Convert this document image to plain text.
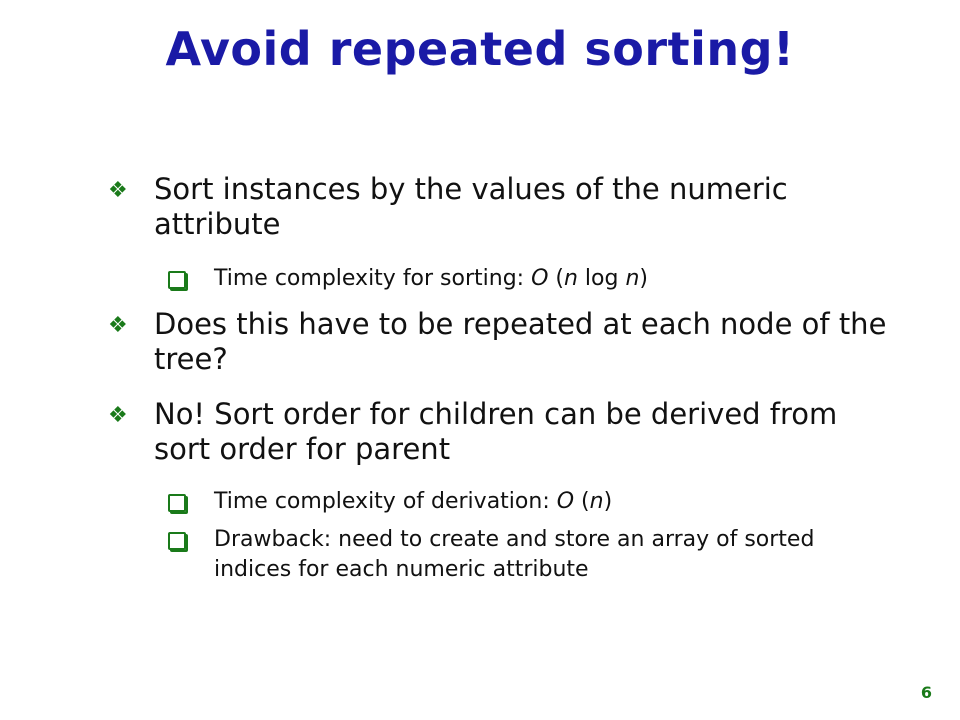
Avoid repeated sorting!
❖ Sort instances by the values of the numeric attribute
Time complexity for sorting: O (n log n)
❖ Does this have to be repeated at each node of the tree?
❖ No! Sort order for children can be derived from sort order for parent
Time complexity of derivation: O (n)
Drawback: need to create and store an array of sorted indices for each numeric attribute
6
